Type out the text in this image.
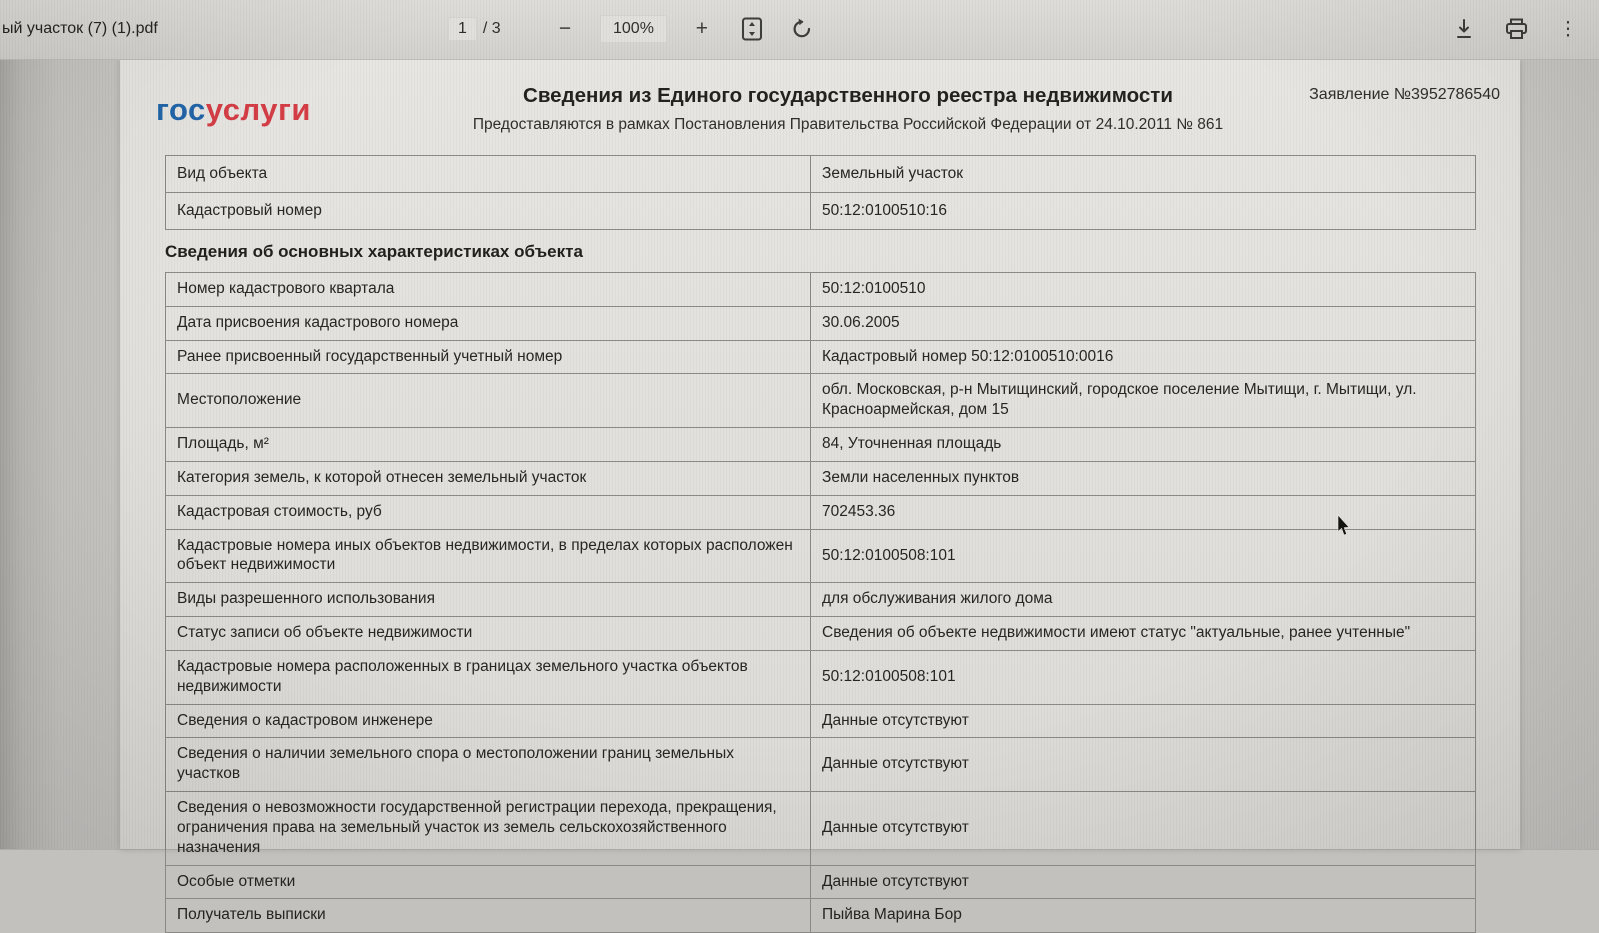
ый участок (7) (1).pdf	1	/ 3	−	100%	+	⋮
госуслуги	Сведения из Единого государственного реестра недвижимости
Предоставляются в рамках Постановления Правительства Российской Федерации от 24.10.2011 № 861
Заявление №3952786540
Вид объекта	Земельный участок
Кадастровый номер	50:12:0100510:16
Сведения об основных характеристиках объекта
Номер кадастрового квартала	50:12:0100510
Дата присвоения кадастрового номера	30.06.2005
Ранее присвоенный государственный учетный номер	Кадастровый номер 50:12:0100510:0016
Местоположение	обл. Московская, р-н Мытищинский, городское поселение Мытищи, г. Мытищи, ул. Красноармейская, дом 15
Площадь, м²	84, Уточненная площадь
Категория земель, к которой отнесен земельный участок	Земли населенных пунктов
Кадастровая стоимость, руб	702453.36
Кадастровые номера иных объектов недвижимости, в пределах которых расположен объект недвижимости	50:12:0100508:101
Виды разрешенного использования	для обслуживания жилого дома
Статус записи об объекте недвижимости	Сведения об объекте недвижимости имеют статус "актуальные, ранее учтенные"
Кадастровые номера расположенных в границах земельного участка объектов недвижимости	50:12:0100508:101
Сведения о кадастровом инженере	Данные отсутствуют
Сведения о наличии земельного спора о местоположении границ земельных участков	Данные отсутствуют
Сведения о невозможности государственной регистрации перехода, прекращения, ограничения права на земельный участок из земель сельскохозяйственного назначения	Данные отсутствуют
Особые отметки	Данные отсутствуют
Получатель выписки	Пыйва Марина Бор
